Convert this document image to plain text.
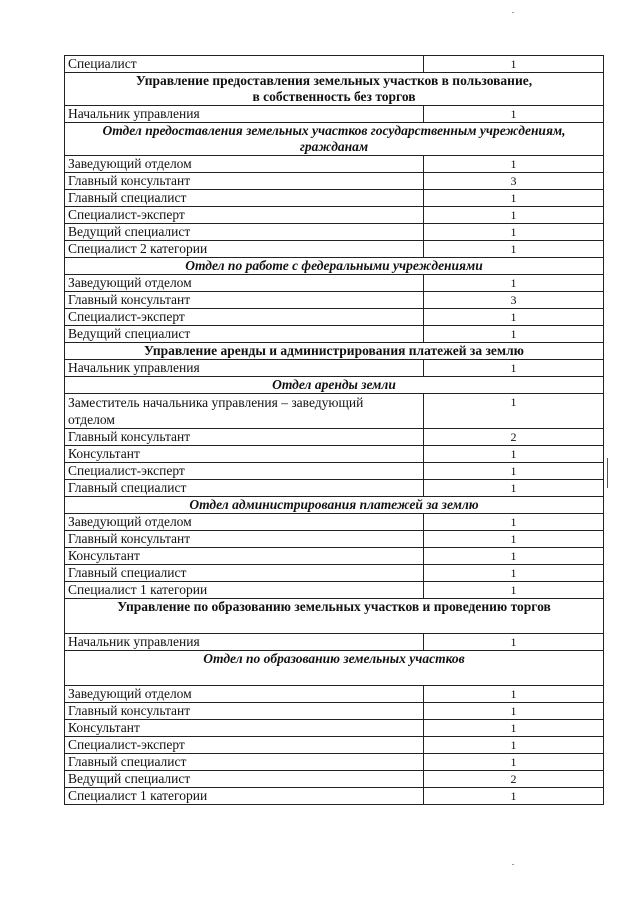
Специалист	1
Управление предоставления земельных участков в пользование,
в собственность без торгов	
Начальник управления	1
Отдел предоставления земельных участков государственным учреждениям,
гражданам	
Заведующий отделом	1
Главный консультант	3
Главный специалист	1
Специалист-эксперт	1
Ведущий специалист	1
Специалист 2 категории	1
Отдел по работе с федеральными учреждениями	
Заведующий отделом	1
Главный консультант	3
Специалист-эксперт	1
Ведущий специалист	1
Управление аренды и администрирования платежей за землю	
Начальник управления	1
Отдел аренды земли	
Заместитель начальника управления – заведующий
отделом	1
Главный консультант	2
Консультант	1
Специалист-эксперт	1
Главный специалист	1
Отдел администрирования платежей за землю	
Заведующий отделом	1
Главный консультант	1
Консультант	1
Главный специалист	1
Специалист 1 категории	1
Управление по образованию земельных участков и проведению торгов	
Начальник управления	1
Отдел по образованию земельных участков	
Заведующий отделом	1
Главный консультант	1
Консультант	1
Специалист-эксперт	1
Главный специалист	1
Ведущий специалист	2
Специалист 1 категории	1
